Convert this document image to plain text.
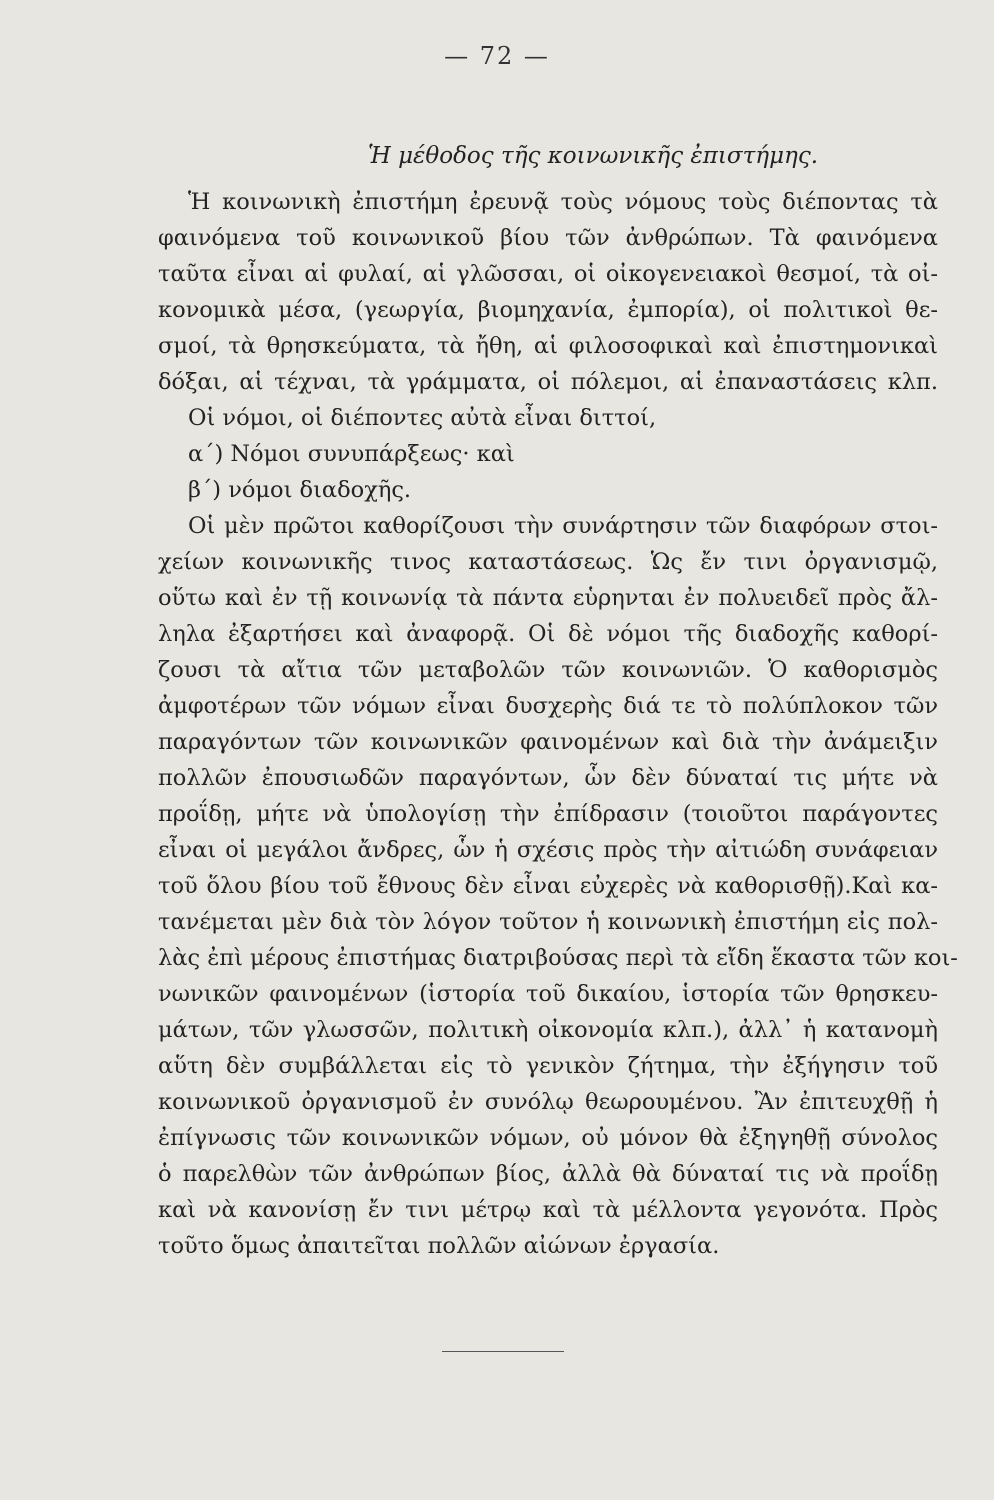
— 72 —
Ἡ μέθοδος τῆς κοινωνικῆς ἐπιστήμης.
Ἡ κοινωνικὴ ἐπιστήμη ἐρευνᾷ τοὺς νόμους τοὺς διέποντας τὰ
φαινόμενα τοῦ κοινωνικοῦ βίου τῶν ἀνθρώπων. Τὰ φαινόμενα
ταῦτα εἶναι αἱ φυλαί, αἱ γλῶσσαι, οἱ οἰκογενειακοὶ θεσμοί, τὰ οἰ-
κονομικὰ μέσα, (γεωργία, βιομηχανία, ἐμπορία), οἱ πολιτικοὶ θε-
σμοί, τὰ θρησκεύματα, τὰ ἤθη, αἱ φιλοσοφικαὶ καὶ ἐπιστημονικαὶ
δόξαι, αἱ τέχναι, τὰ γράμματα, οἱ πόλεμοι, αἱ ἐπαναστάσεις κλπ.
Οἱ νόμοι, οἱ διέποντες αὐτὰ εἶναι διττοί,
α΄) Νόμοι συνυπάρξεως· καὶ
β΄) νόμοι διαδοχῆς.
Οἱ μὲν πρῶτοι καθορίζουσι τὴν συνάρτησιν τῶν διαφόρων στοι-
χείων κοινωνικῆς τινος καταστάσεως. Ὡς ἔν τινι ὀργανισμῷ,
οὕτω καὶ ἐν τῇ κοινωνίᾳ τὰ πάντα εὑρηνται ἐν πολυειδεῖ πρὸς ἄλ-
ληλα ἐξαρτήσει καὶ ἀναφορᾷ. Οἱ δὲ νόμοι τῆς διαδοχῆς καθορί-
ζουσι τὰ αἴτια τῶν μεταβολῶν τῶν κοινωνιῶν. Ὁ καθορισμὸς
ἀμφοτέρων τῶν νόμων εἶναι δυσχερὴς διά τε τὸ πολύπλοκον τῶν
παραγόντων τῶν κοινωνικῶν φαινομένων καὶ διὰ τὴν ἀνάμειξιν
πολλῶν ἐπουσιωδῶν παραγόντων, ὧν δὲν δύναταί τις μήτε νὰ
προΐδῃ, μήτε νὰ ὑπολογίσῃ τὴν ἐπίδρασιν (τοιοῦτοι παράγοντες
εἶναι οἱ μεγάλοι ἄνδρες, ὧν ἡ σχέσις πρὸς τὴν αἰτιώδη συνάφειαν
τοῦ ὅλου βίου τοῦ ἔθνους δὲν εἶναι εὐχερὲς νὰ καθορισθῇ).Καὶ κα-
τανέμεται μὲν διὰ τὸν λόγον τοῦτον ἡ κοινωνικὴ ἐπιστήμη εἰς πολ-
λὰς ἐπὶ μέρους ἐπιστήμας διατριβούσας περὶ τὰ εἴδη ἕκαστα τῶν κοι-
νωνικῶν φαινομένων (ἱστορία τοῦ δικαίου, ἱστορία τῶν θρησκευ-
μάτων, τῶν γλωσσῶν, πολιτικὴ οἰκονομία κλπ.), ἀλλ᾽ ἡ κατανομὴ
αὕτη δὲν συμβάλλεται εἰς τὸ γενικὸν ζήτημα, τὴν ἐξήγησιν τοῦ
κοινωνικοῦ ὀργανισμοῦ ἐν συνόλῳ θεωρουμένου. Ἂν ἐπιτευχθῇ ἡ
ἐπίγνωσις τῶν κοινωνικῶν νόμων, οὐ μόνον θὰ ἐξηγηθῇ σύνολος
ὁ παρελθὼν τῶν ἀνθρώπων βίος, ἀλλὰ θὰ δύναταί τις νὰ προΐδῃ
καὶ νὰ κανονίσῃ ἔν τινι μέτρῳ καὶ τὰ μέλλοντα γεγονότα. Πρὸς
τοῦτο ὅμως ἀπαιτεῖται πολλῶν αἰώνων ἐργασία.
